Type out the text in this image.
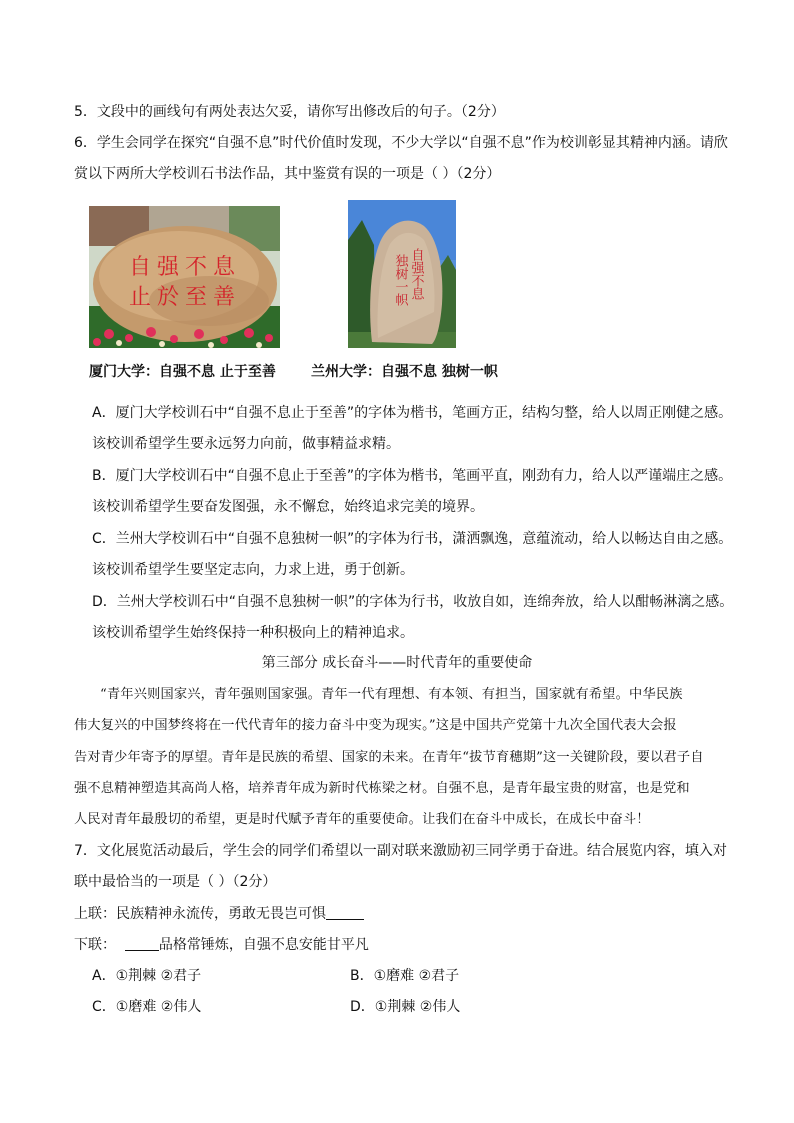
5．文段中的画线句有两处表达欠妥，请你写出修改后的句子。（2分）
6．学生会同学在探究“自强不息”时代价值时发现，不少大学以“自强不息”作为校训彰显其精神内涵。请欣
赏以下两所大学校训石书法作品，其中鉴赏有误的一项是（ ）（2分）
自强不息
止於至善	自强不息
独树一帜
厦门大学：自强不息 止于至善	兰州大学：自强不息 独树一帜
A．厦门大学校训石中“自强不息止于至善”的字体为楷书，笔画方正，结构匀整，给人以周正刚健之感。
该校训希望学生要永远努力向前，做事精益求精。
B．厦门大学校训石中“自强不息止于至善”的字体为楷书，笔画平直，刚劲有力，给人以严谨端庄之感。
该校训希望学生要奋发图强，永不懈怠，始终追求完美的境界。
C．兰州大学校训石中“自强不息独树一帜”的字体为行书，潇洒飘逸，意蕴流动，给人以畅达自由之感。
该校训希望学生要坚定志向，力求上进，勇于创新。
D．兰州大学校训石中“自强不息独树一帜”的字体为行书，收放自如，连绵奔放，给人以酣畅淋漓之感。
该校训希望学生始终保持一种积极向上的精神追求。
第三部分 成长奋斗——时代青年的重要使命
“青年兴则国家兴，青年强则国家强。青年一代有理想、有本领、有担当，国家就有希望。中华民族
伟大复兴的中国梦终将在一代代青年的接力奋斗中变为现实。”这是中国共产党第十九次全国代表大会报
告对青少年寄予的厚望。青年是民族的希望、国家的未来。在青年“拔节育穗期”这一关键阶段，要以君子自
强不息精神塑造其高尚人格，培养青年成为新时代栋梁之材。自强不息，是青年最宝贵的财富，也是党和
人民对青年最殷切的希望，更是时代赋予青年的重要使命。让我们在奋斗中成长，在成长中奋斗！
7．文化展览活动最后，学生会的同学们希望以一副对联来激励初三同学勇于奋进。结合展览内容，填入对
联中最恰当的一项是（ ）（2分）
上联：民族精神永流传，勇敢无畏岂可惧
下联：	品格常锤炼，自强不息安能甘平凡
A．①荆棘 ②君子	B．①磨难 ②君子
C．①磨难 ②伟人	D．①荆棘 ②伟人
